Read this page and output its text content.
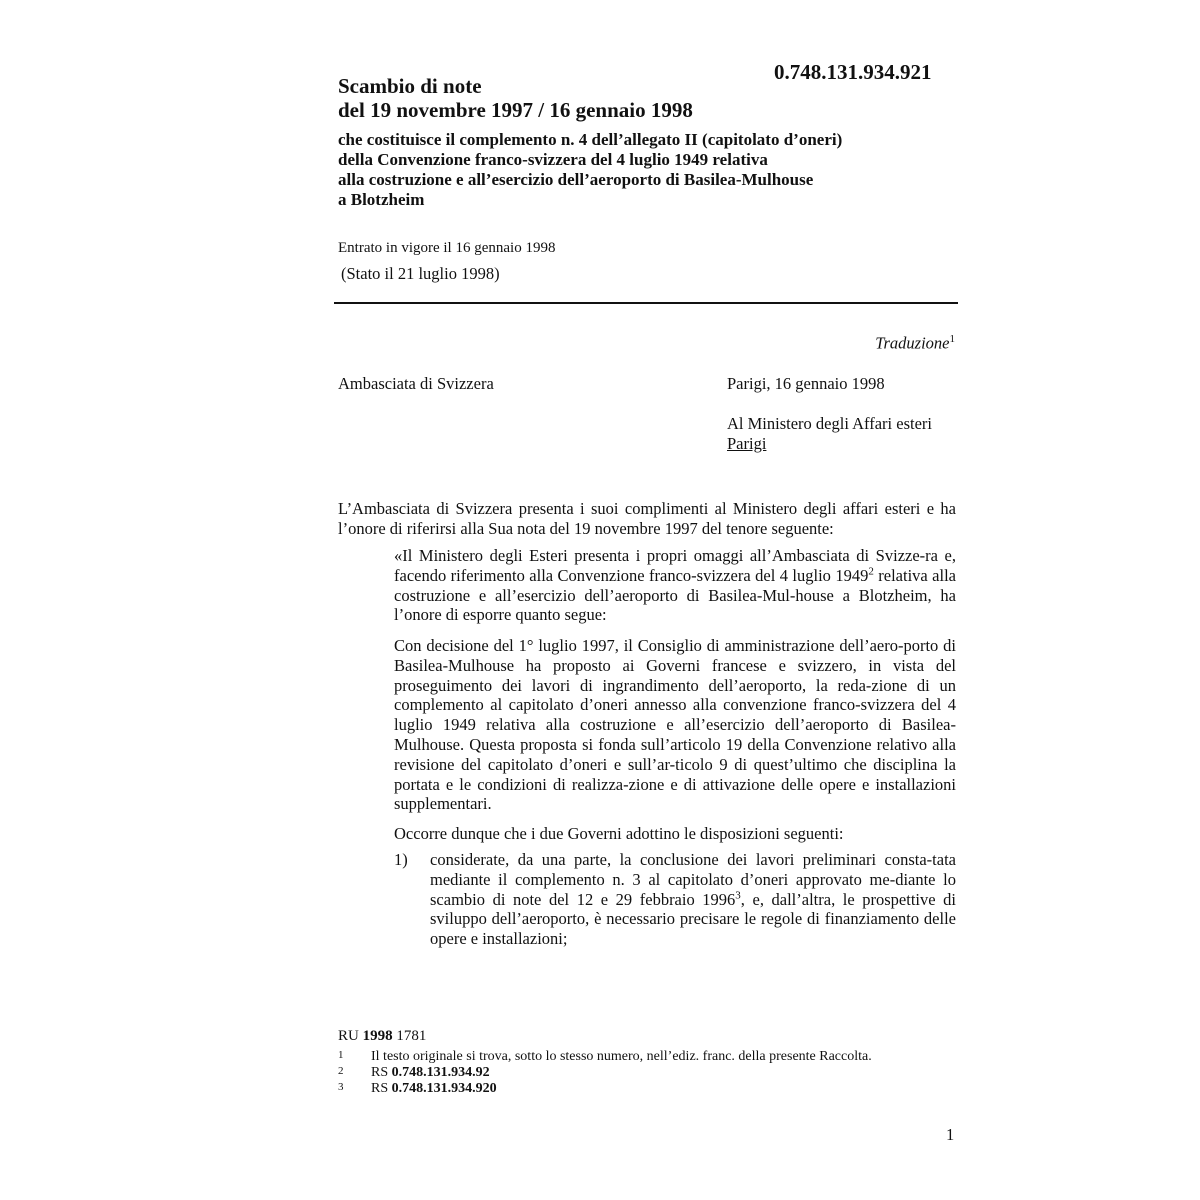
0.748.131.934.921
Scambio di note
del 19 novembre 1997 / 16 gennaio 1998
che costituisce il complemento n. 4 dell’allegato II (capitolato d’oneri)
della Convenzione franco-svizzera del 4 luglio 1949 relativa
alla costruzione e all’esercizio dell’aeroporto di Basilea-Mulhouse
a Blotzheim
Entrato in vigore il 16 gennaio 1998
(Stato il 21 luglio 1998)
Traduzione$^1$
Ambasciata di Svizzera	Parigi, 16 gennaio 1998
Al Ministero degli Affari esteri
Parigi
L’Ambasciata di Svizzera presenta i suoi complimenti al Ministero degli affari esteri e ha l’onore di riferirsi alla Sua nota del 19 novembre 1997 del tenore seguente:
«Il Ministero degli Esteri presenta i propri omaggi all’Ambasciata di Svizze-ra e, facendo riferimento alla Convenzione franco-svizzera del 4 luglio 1949$^2$ relativa alla costruzione e all’esercizio dell’aeroporto di Basilea-Mul-house a Blotzheim, ha l’onore di esporre quanto segue:
Con decisione del 1° luglio 1997, il Consiglio di amministrazione dell’aero-porto di Basilea-Mulhouse ha proposto ai Governi francese e svizzero, in vista del proseguimento dei lavori di ingrandimento dell’aeroporto, la reda-zione di un complemento al capitolato d’oneri annesso alla convenzione franco-svizzera del 4 luglio 1949 relativa alla costruzione e all’esercizio dell’aeroporto di Basilea-Mulhouse. Questa proposta si fonda sull’articolo 19 della Convenzione relativo alla revisione del capitolato d’oneri e sull’ar-ticolo 9 di quest’ultimo che disciplina la portata e le condizioni di realizza-zione e di attivazione delle opere e installazioni supplementari.
Occorre dunque che i due Governi adottino le disposizioni seguenti:
1) considerate, da una parte, la conclusione dei lavori preliminari consta-tata mediante il complemento n. 3 al capitolato d’oneri approvato me-diante lo scambio di note del 12 e 29 febbraio 1996$^3$, e, dall’altra, le prospettive di sviluppo dell’aeroporto, è necessario precisare le regole di finanziamento delle opere e installazioni;
RU 1998 1781
1 Il testo originale si trova, sotto lo stesso numero, nell’ediz. franc. della presente Raccolta.
2 RS 0.748.131.934.92
3 RS 0.748.131.934.920
1
